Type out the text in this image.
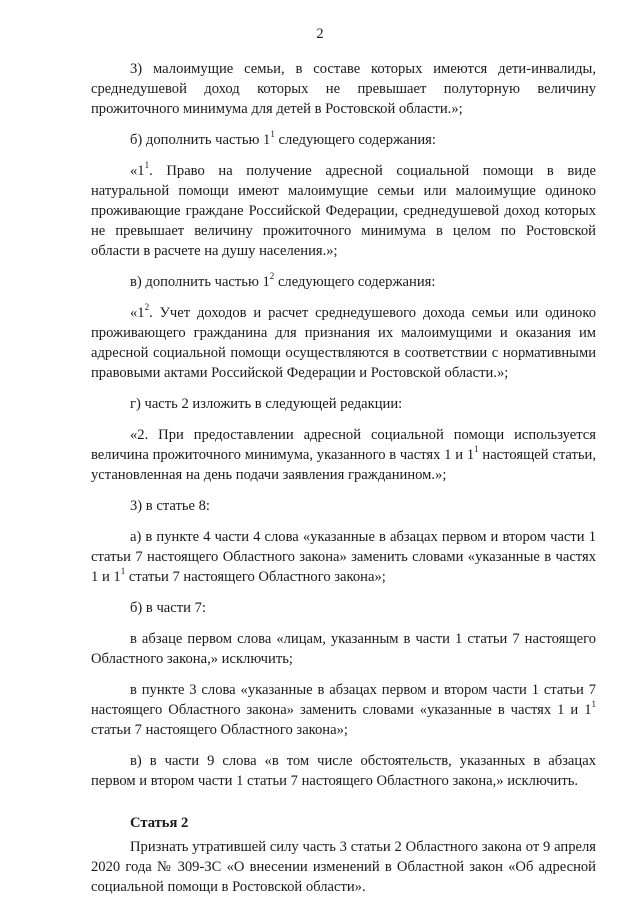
2

3) малоимущие семьи, в составе которых имеются дети-инвалиды, среднедушевой доход которых не превышает полуторную величину прожиточного минимума для детей в Ростовской области.»;

б) дополнить частью $1^1$ следующего содержания:

«$1^1$. Право на получение адресной социальной помощи в виде натуральной помощи имеют малоимущие семьи или малоимущие одиноко проживающие граждане Российской Федерации, среднедушевой доход которых не превышает величину прожиточного минимума в целом по Ростовской области в расчете на душу населения.»;

в) дополнить частью $1^2$ следующего содержания:

«$1^2$. Учет доходов и расчет среднедушевого дохода семьи или одиноко проживающего гражданина для признания их малоимущими и оказания им адресной социальной помощи осуществляются в соответствии с нормативными правовыми актами Российской Федерации и Ростовской области.»;

г) часть 2 изложить в следующей редакции:

«2. При предоставлении адресной социальной помощи используется величина прожиточного минимума, указанного в частях 1 и $1^1$ настоящей статьи, установленная на день подачи заявления гражданином.»;

3) в статье 8:

а) в пункте 4 части 4 слова «указанные в абзацах первом и втором части 1 статьи 7 настоящего Областного закона» заменить словами «указанные в частях 1 и $1^1$ статьи 7 настоящего Областного закона»;

б) в части 7:

в абзаце первом слова «лицам, указанным в части 1 статьи 7 настоящего Областного закона,» исключить;

в пункте 3 слова «указанные в абзацах первом и втором части 1 статьи 7 настоящего Областного закона» заменить словами «указанные в частях 1 и $1^1$ статьи 7 настоящего Областного закона»;

в) в части 9 слова «в том числе обстоятельств, указанных в абзацах первом и втором части 1 статьи 7 настоящего Областного закона,» исключить.

Статья 2

Признать утратившей силу часть 3 статьи 2 Областного закона от 9 апреля 2020 года № 309-ЗС «О внесении изменений в Областной закон «Об адресной социальной помощи в Ростовской области».
